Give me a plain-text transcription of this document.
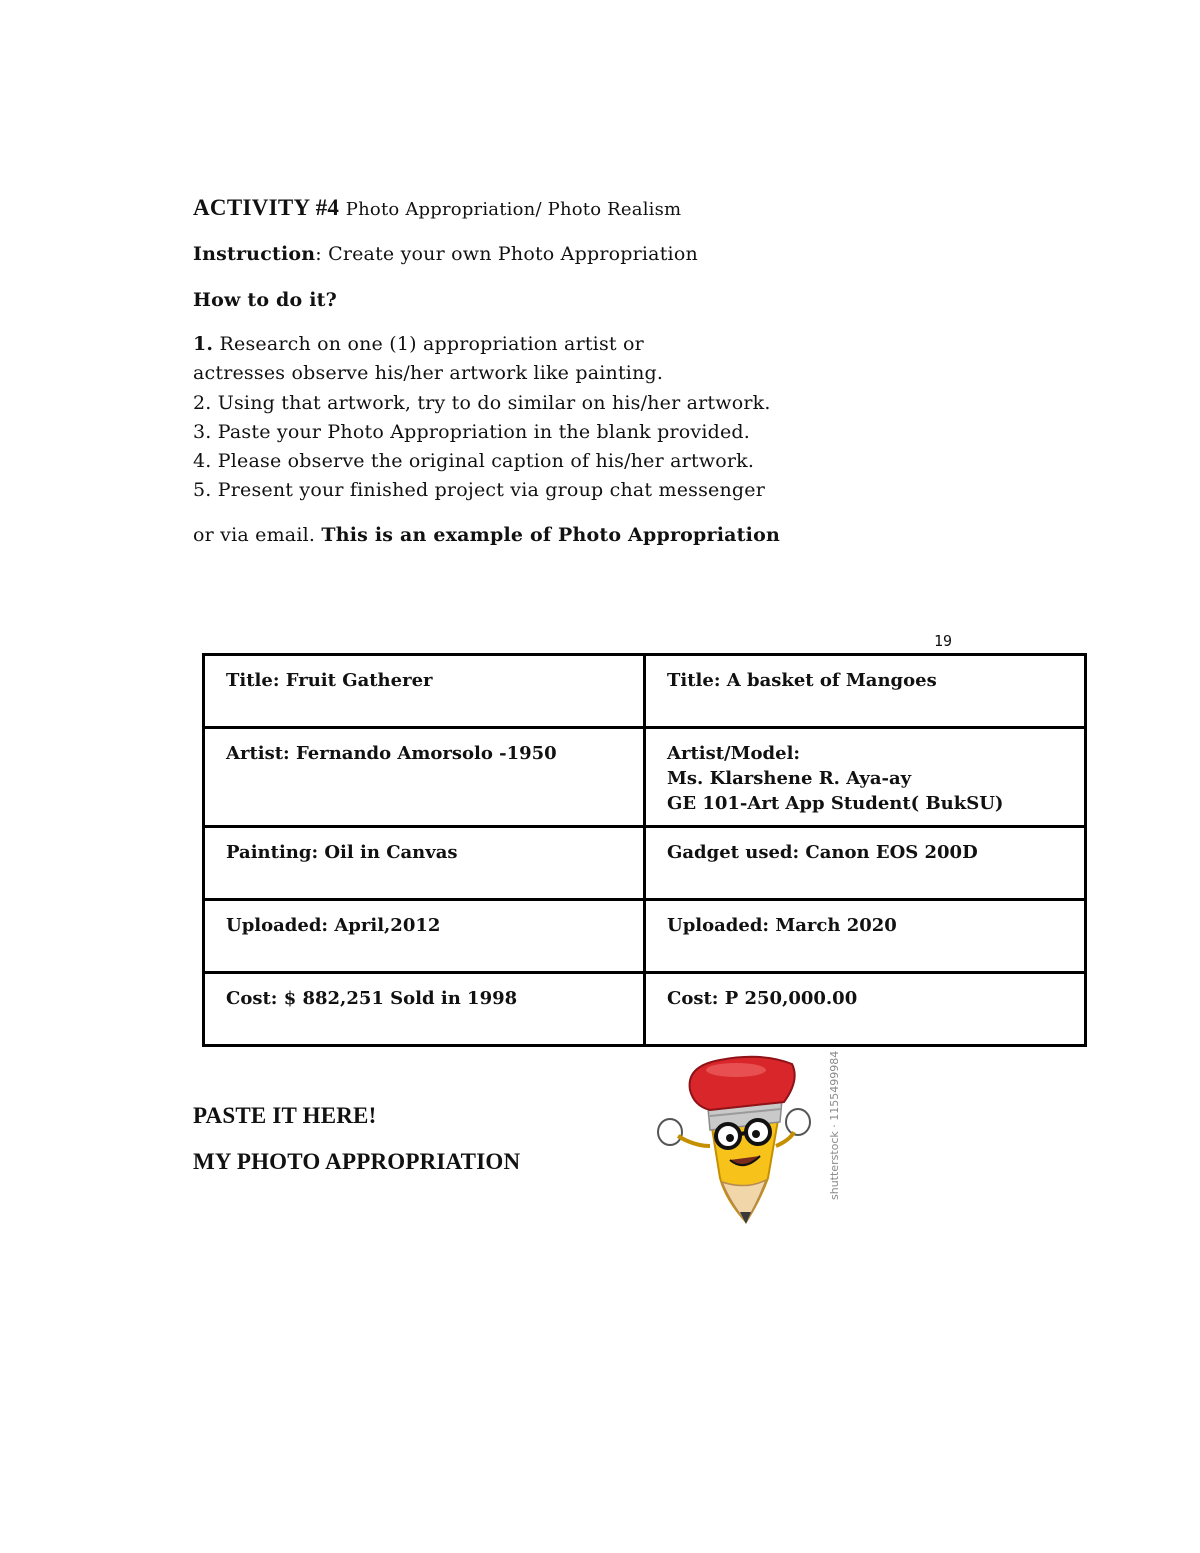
ACTIVITY #4 Photo Appropriation/ Photo Realism
Instruction: Create your own Photo Appropriation
How to do it?
1. Research on one (1) appropriation artist or
actresses observe his/her artwork like painting.
2. Using that artwork, try to do similar on his/her artwork.
3. Paste your Photo Appropriation in the blank provided.
4. Please observe the original caption of his/her artwork.
5. Present your finished project via group chat messenger
or via email. This is an example of Photo Appropriation
19
Title: Fruit Gatherer	Title: A basket of Mangoes
Artist: Fernando Amorsolo -1950	Artist/Model:
Ms. Klarshene R. Aya-ay
GE 101-Art App Student( BukSU)

Painting: Oil in Canvas	Gadget used: Canon EOS 200D
Uploaded: April,2012	Uploaded: March 2020
Cost: $ 882,251 Sold in 1998	Cost: P 250,000.00
PASTE IT HERE!
MY PHOTO APPROPRIATION	shutterstock · 1155499984
